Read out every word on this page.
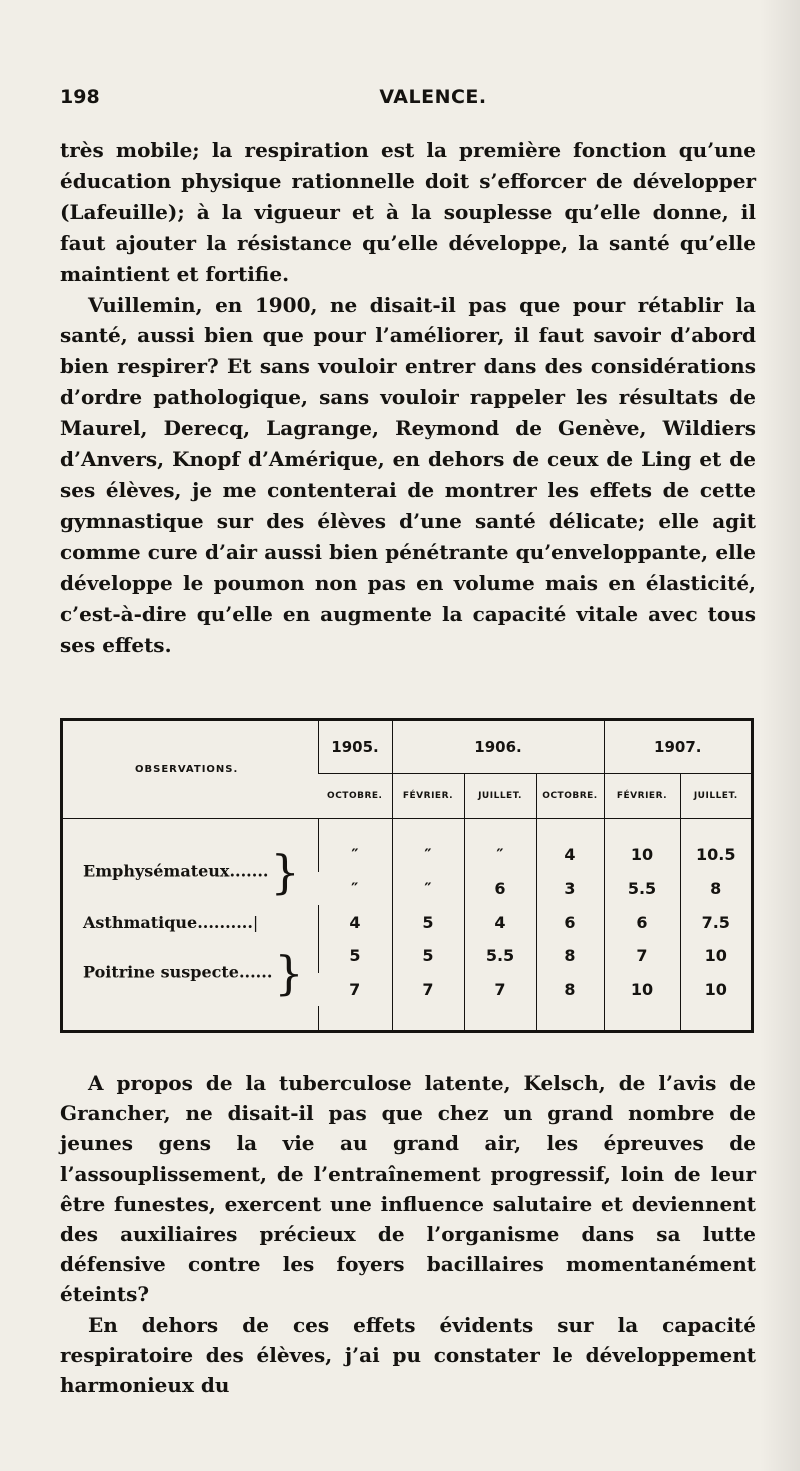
VALENCE.
198

très mobile; la respiration est la première fonction qu’une éducation physique rationnelle doit s’efforcer de développer (Lafeuille); à la vigueur et à la souplesse qu’elle donne, il faut ajouter la résistance qu’elle développe, la santé qu’elle maintient et fortifie.

Vuillemin, en 1900, ne disait-il pas que pour rétablir la santé, aussi bien que pour l’améliorer, il faut savoir d’abord bien respirer? Et sans vouloir entrer dans des considérations d’ordre pathologique, sans vouloir rappeler les résultats de Maurel, Derecq, Lagrange, Reymond de Genève, Wildiers d’Anvers, Knopf d’Amérique, en dehors de ceux de Ling et de ses élèves, je me contenterai de montrer les effets de cette gymnastique sur des élèves d’une santé délicate; elle agit comme cure d’air aussi bien pénétrante qu’enveloppante, elle développe le poumon non pas en volume mais en élasticité, c’est-à-dire qu’elle en augmente la capacité vitale avec tous ses effets.

OBSERVATIONS.	1905.	1906.			1907.	
	OCTOBRE.	FÉVRIER.	JUILLET.	OCTOBRE.	FÉVRIER.	JUILLET.

Emphysémateux.......}	″	″	″	4	10	10.5
	″	″	6	3	5.5	8
Asthmatique..........|	4	5	4	6	6	7.5
Poitrine suspecte......}	5	5	5.5	8	7	10
	7	7	7	8	10	10

A propos de la tuberculose latente, Kelsch, de l’avis de Grancher, ne disait-il pas que chez un grand nombre de jeunes gens la vie au grand air, les épreuves de l’assouplissement, de l’entraînement progressif, loin de leur être funestes, exercent une influence salutaire et deviennent des auxiliaires précieux de l’organisme dans sa lutte défensive contre les foyers bacillaires momentanément éteints?

En dehors de ces effets évidents sur la capacité respiratoire des élèves, j’ai pu constater le développement harmonieux du
